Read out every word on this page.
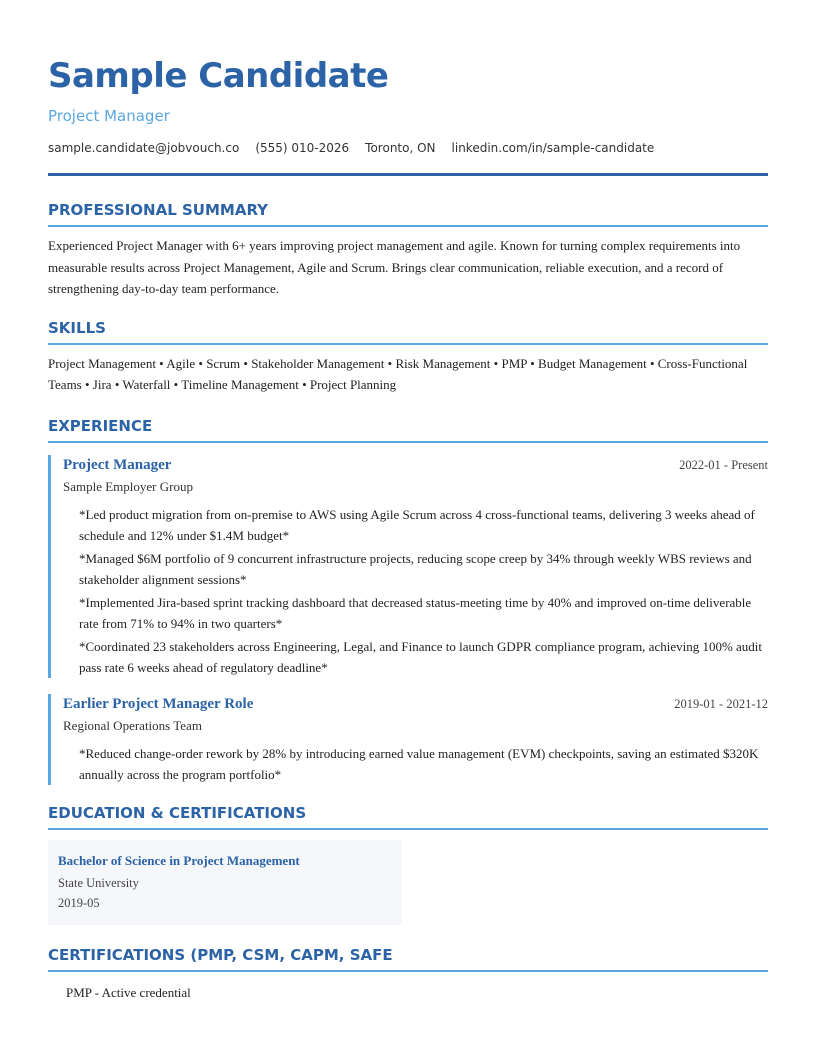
Sample Candidate
Project Manager
sample.candidate@jobvouch.co (555) 010-2026 Toronto, ON linkedin.com/in/sample-candidate
PROFESSIONAL SUMMARY
Experienced Project Manager with 6+ years improving project management and agile. Known for turning complex requirements into measurable results across Project Management, Agile and Scrum. Brings clear communication, reliable execution, and a record of strengthening day-to-day team performance.
SKILLS
Project Management • Agile • Scrum • Stakeholder Management • Risk Management • PMP • Budget Management • Cross-Functional Teams • Jira • Waterfall • Timeline Management • Project Planning
EXPERIENCE
Project Manager	2022-01 - Present
Sample Employer Group
*Led product migration from on-premise to AWS using Agile Scrum across 4 cross-functional teams, delivering 3 weeks ahead of schedule and 12% under $1.4M budget*
*Managed $6M portfolio of 9 concurrent infrastructure projects, reducing scope creep by 34% through weekly WBS reviews and stakeholder alignment sessions*
*Implemented Jira-based sprint tracking dashboard that decreased status-meeting time by 40% and improved on-time deliverable rate from 71% to 94% in two quarters*
*Coordinated 23 stakeholders across Engineering, Legal, and Finance to launch GDPR compliance program, achieving 100% audit pass rate 6 weeks ahead of regulatory deadline*
Earlier Project Manager Role	2019-01 - 2021-12
Regional Operations Team
*Reduced change-order rework by 28% by introducing earned value management (EVM) checkpoints, saving an estimated $320K annually across the program portfolio*
EDUCATION & CERTIFICATIONS
Bachelor of Science in Project Management
State University
2019-05
CERTIFICATIONS (PMP, CSM, CAPM, SAFE
PMP - Active credential
